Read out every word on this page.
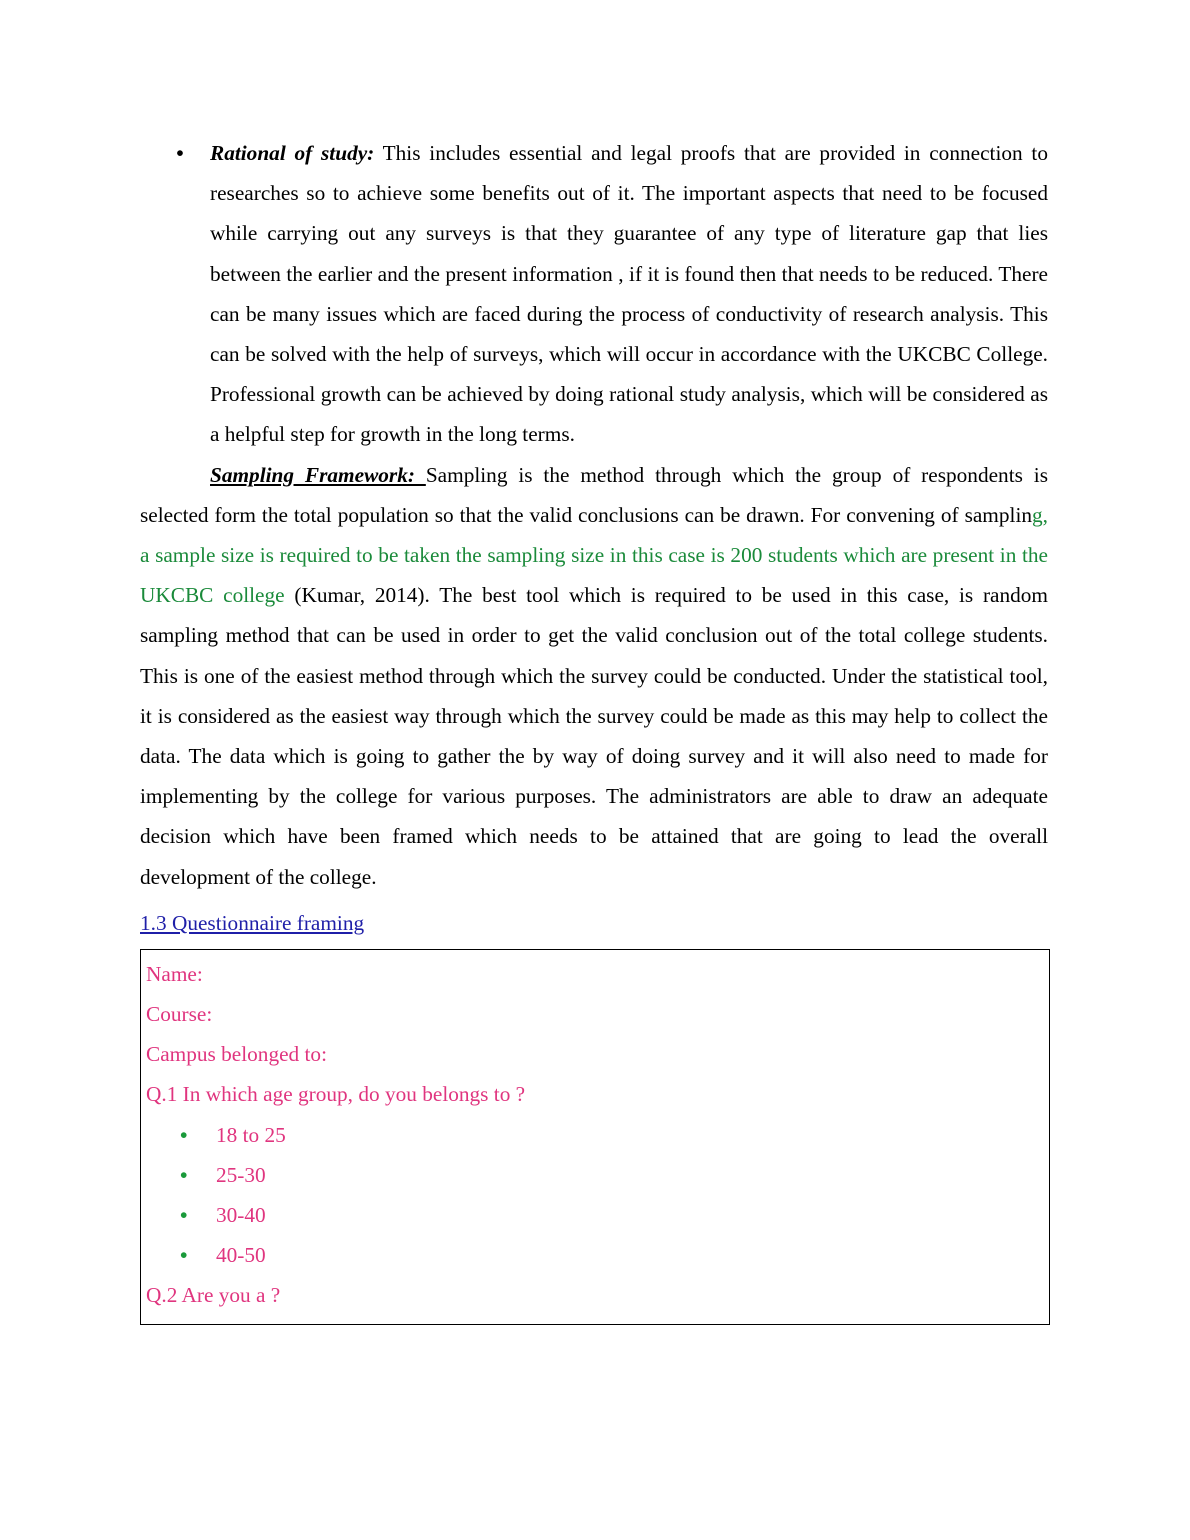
• Rational of study: This includes essential and legal proofs that are provided in connection to researches so to achieve some benefits out of it. The important aspects that need to be focused while carrying out any surveys is that they guarantee of any type of literature gap that lies between the earlier and the present information , if it is found then that needs to be reduced. There can be many issues which are faced during the process of conductivity of research analysis. This can be solved with the help of surveys, which will occur in accordance with the UKCBC College. Professional growth can be achieved by doing rational study analysis, which will be considered as a helpful step for growth in the long terms.

Sampling Framework: Sampling is the method through which the group of respondents is selected form the total population so that the valid conclusions can be drawn. For convening of sampling, a sample size is required to be taken the sampling size in this case is 200 students which are present in the UKCBC college (Kumar, 2014). The best tool which is required to be used in this case, is random sampling method that can be used in order to get the valid conclusion out of the total college students. This is one of the easiest method through which the survey could be conducted. Under the statistical tool, it is considered as the easiest way through which the survey could be made as this may help to collect the data. The data which is going to gather the by way of doing survey and it will also need to made for implementing by the college for various purposes. The administrators are able to draw an adequate decision which have been framed which needs to be attained that are going to lead the overall development of the college.

1.3 Questionnaire framing
Name:
Course:
Campus belonged to:
Q.1 In which age group, do you belongs to ?
• 18 to 25
• 25-30
• 30-40
• 40-50
Q.2 Are you a ?
